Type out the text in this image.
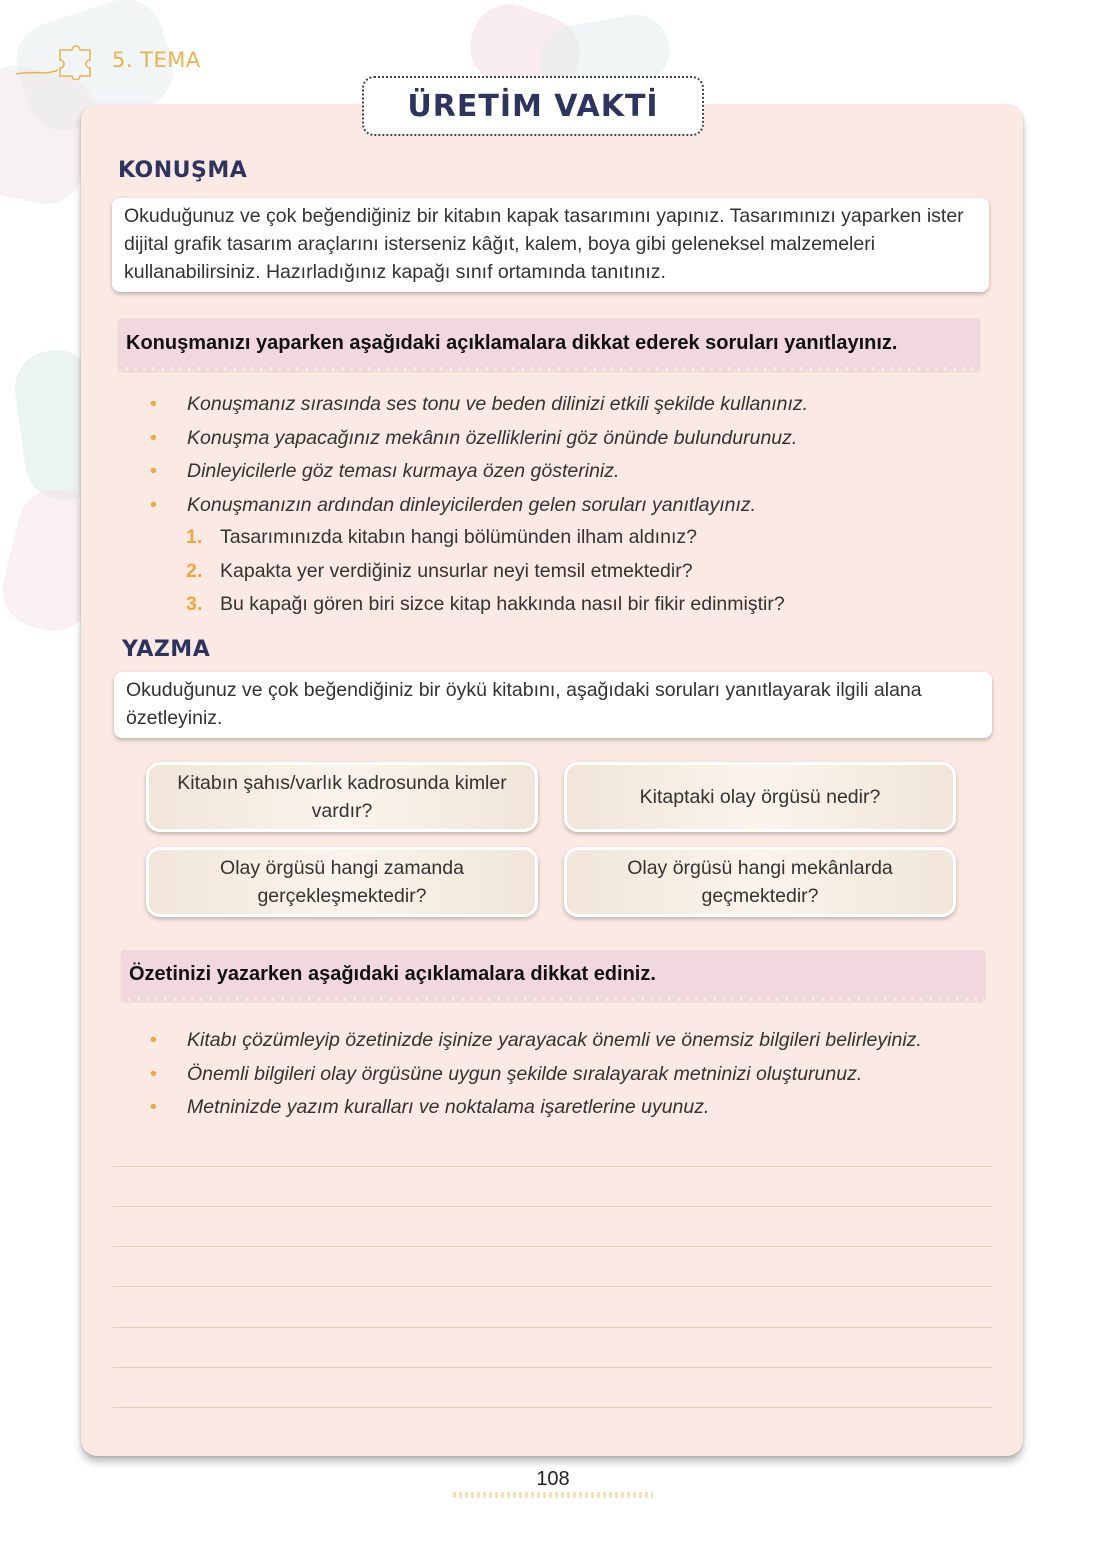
5. TEMA
ÜRETİM VAKTİ
KONUŞMA
Okuduğunuz ve çok beğendiğiniz bir kitabın kapak tasarımını yapınız. Tasarımınızı yaparken ister dijital grafik tasarım araçlarını isterseniz kâğıt, kalem, boya gibi geleneksel malzemeleri kullanabilirsiniz. Hazırladığınız kapağı sınıf ortamında tanıtınız.
Konuşmanızı yaparken aşağıdaki açıklamalara dikkat ederek soruları yanıtlayınız.
• Konuşmanız sırasında ses tonu ve beden dilinizi etkili şekilde kullanınız.
• Konuşma yapacağınız mekânın özelliklerini göz önünde bulundurunuz.
• Dinleyicilerle göz teması kurmaya özen gösteriniz.
• Konuşmanızın ardından dinleyicilerden gelen soruları yanıtlayınız.
1. Tasarımınızda kitabın hangi bölümünden ilham aldınız?
2. Kapakta yer verdiğiniz unsurlar neyi temsil etmektedir?
3. Bu kapağı gören biri sizce kitap hakkında nasıl bir fikir edinmiştir?
YAZMA
Okuduğunuz ve çok beğendiğiniz bir öykü kitabını, aşağıdaki soruları yanıtlayarak ilgili alana özetleyiniz.
Kitabın şahıs/varlık kadrosunda kimler vardır?
Kitaptaki olay örgüsü nedir?
Olay örgüsü hangi zamanda gerçekleşmektedir?
Olay örgüsü hangi mekânlarda geçmektedir?
Özetinizi yazarken aşağıdaki açıklamalara dikkat ediniz.
• Kitabı çözümleyip özetinizde işinize yarayacak önemli ve önemsiz bilgileri belirleyiniz.
• Önemli bilgileri olay örgüsüne uygun şekilde sıralayarak metninizi oluşturunuz.
• Metninizde yazım kuralları ve noktalama işaretlerine uyunuz.
108
